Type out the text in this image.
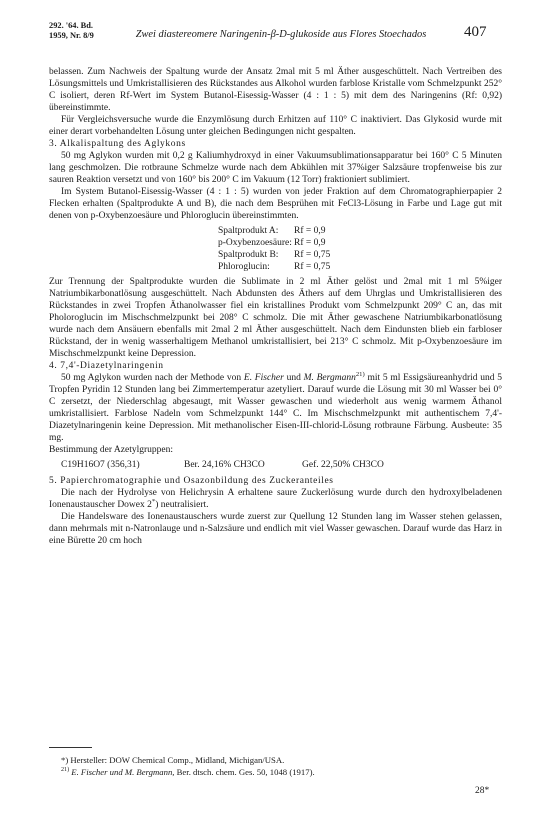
292. '64. Bd.
1959, Nr. 8/9	Zwei diastereomere Naringenin-β-D-glukoside aus Flores Stoechados	407

belassen. Zum Nachweis der Spaltung wurde der Ansatz 2mal mit 5 ml Äther ausgeschüttelt. Nach Vertreiben des Lösungsmittels und Umkristallisieren des Rückstandes aus Alkohol wurden farblose Kristalle vom Schmelzpunkt 252° C isoliert, deren Rf-Wert im System Butanol-Eisessig-Wasser (4 : 1 : 5) mit dem des Naringenins (Rf: 0,92) übereinstimmte.

Für Vergleichsversuche wurde die Enzymlösung durch Erhitzen auf 110° C inaktiviert. Das Glykosid wurde mit einer derart vorbehandelten Lösung unter gleichen Bedingungen nicht gespalten.

3. Alkalispaltung des Aglykons

50 mg Aglykon wurden mit 0,2 g Kaliumhydroxyd in einer Vakuumsublimationsapparatur bei 160° C 5 Minuten lang geschmolzen. Die rotbraune Schmelze wurde nach dem Abkühlen mit 37%iger Salzsäure tropfenweise bis zur sauren Reaktion versetzt und von 160° bis 200° C im Vakuum (12 Torr) fraktioniert sublimiert.

Im System Butanol-Eisessig-Wasser (4 : 1 : 5) wurden von jeder Fraktion auf dem Chromatographierpapier 2 Flecken erhalten (Spaltprodukte A und B), die nach dem Besprühen mit FeCl3-Lösung in Farbe und Lage gut mit denen von p-Oxybenzoesäure und Phloroglucin übereinstimmten.

Spaltprodukt A:	Rf = 0,9
p-Oxybenzoesäure:	Rf = 0,9
Spaltprodukt B:	Rf = 0,75
Phloroglucin:	Rf = 0,75

Zur Trennung der Spaltprodukte wurden die Sublimate in 2 ml Äther gelöst und 2mal mit 1 ml 5%iger Natriumbikarbonatlösung ausgeschüttelt. Nach Abdunsten des Äthers auf dem Uhrglas und Umkristallisieren des Rückstandes in zwei Tropfen Äthanolwasser fiel ein kristallines Produkt vom Schmelzpunkt 209° C an, das mit Pholoroglucin im Mischschmelzpunkt bei 208° C schmolz. Die mit Äther gewaschene Natriumbikarbonatlösung wurde nach dem Ansäuern ebenfalls mit 2mal 2 ml Äther ausgeschüttelt. Nach dem Eindunsten blieb ein farbloser Rückstand, der in wenig wasserhaltigem Methanol umkristallisiert, bei 213° C schmolz. Mit p-Oxybenzoesäure im Mischschmelzpunkt keine Depression.

4. 7,4'-Diazetylnaringenin

50 mg Aglykon wurden nach der Methode von E. Fischer und M. Bergmann$^{21)}$ mit 5 ml Essigsäureanhydrid und 5 Tropfen Pyridin 12 Stunden lang bei Zimmertemperatur azetyliert. Darauf wurde die Lösung mit 30 ml Wasser bei 0° C zersetzt, der Niederschlag abgesaugt, mit Wasser gewaschen und wiederholt aus wenig warmem Äthanol umkristallisiert. Farblose Nadeln vom Schmelzpunkt 144° C. Im Mischschmelzpunkt mit authentischem 7,4'-Diazetylnaringenin keine Depression. Mit methanolischer Eisen-III-chlorid-Lösung rotbraune Färbung. Ausbeute: 35 mg.

Bestimmung der Azetylgruppen:

C19H16O7 (356,31)	Ber. 24,16% CH3CO	Gef. 22,50% CH3CO

5. Papierchromatographie und Osazonbildung des Zuckeranteiles

Die nach der Hydrolyse von Helichrysin A erhaltene saure Zuckerlösung wurde durch den hydroxylbeladenen Ionenaustauscher Dowex 2*) neutralisiert.

Die Handelsware des Ionenaustauschers wurde zuerst zur Quellung 12 Stunden lang im Wasser stehen gelassen, dann mehrmals mit n-Natronlauge und n-Salzsäure und endlich mit viel Wasser gewaschen. Darauf wurde das Harz in eine Bürette 20 cm hoch

*) Hersteller: DOW Chemical Comp., Midland, Michigan/USA.

$^{21)}$ E. Fischer und M. Bergmann, Ber. dtsch. chem. Ges. 50, 1048 (1917).

28*
